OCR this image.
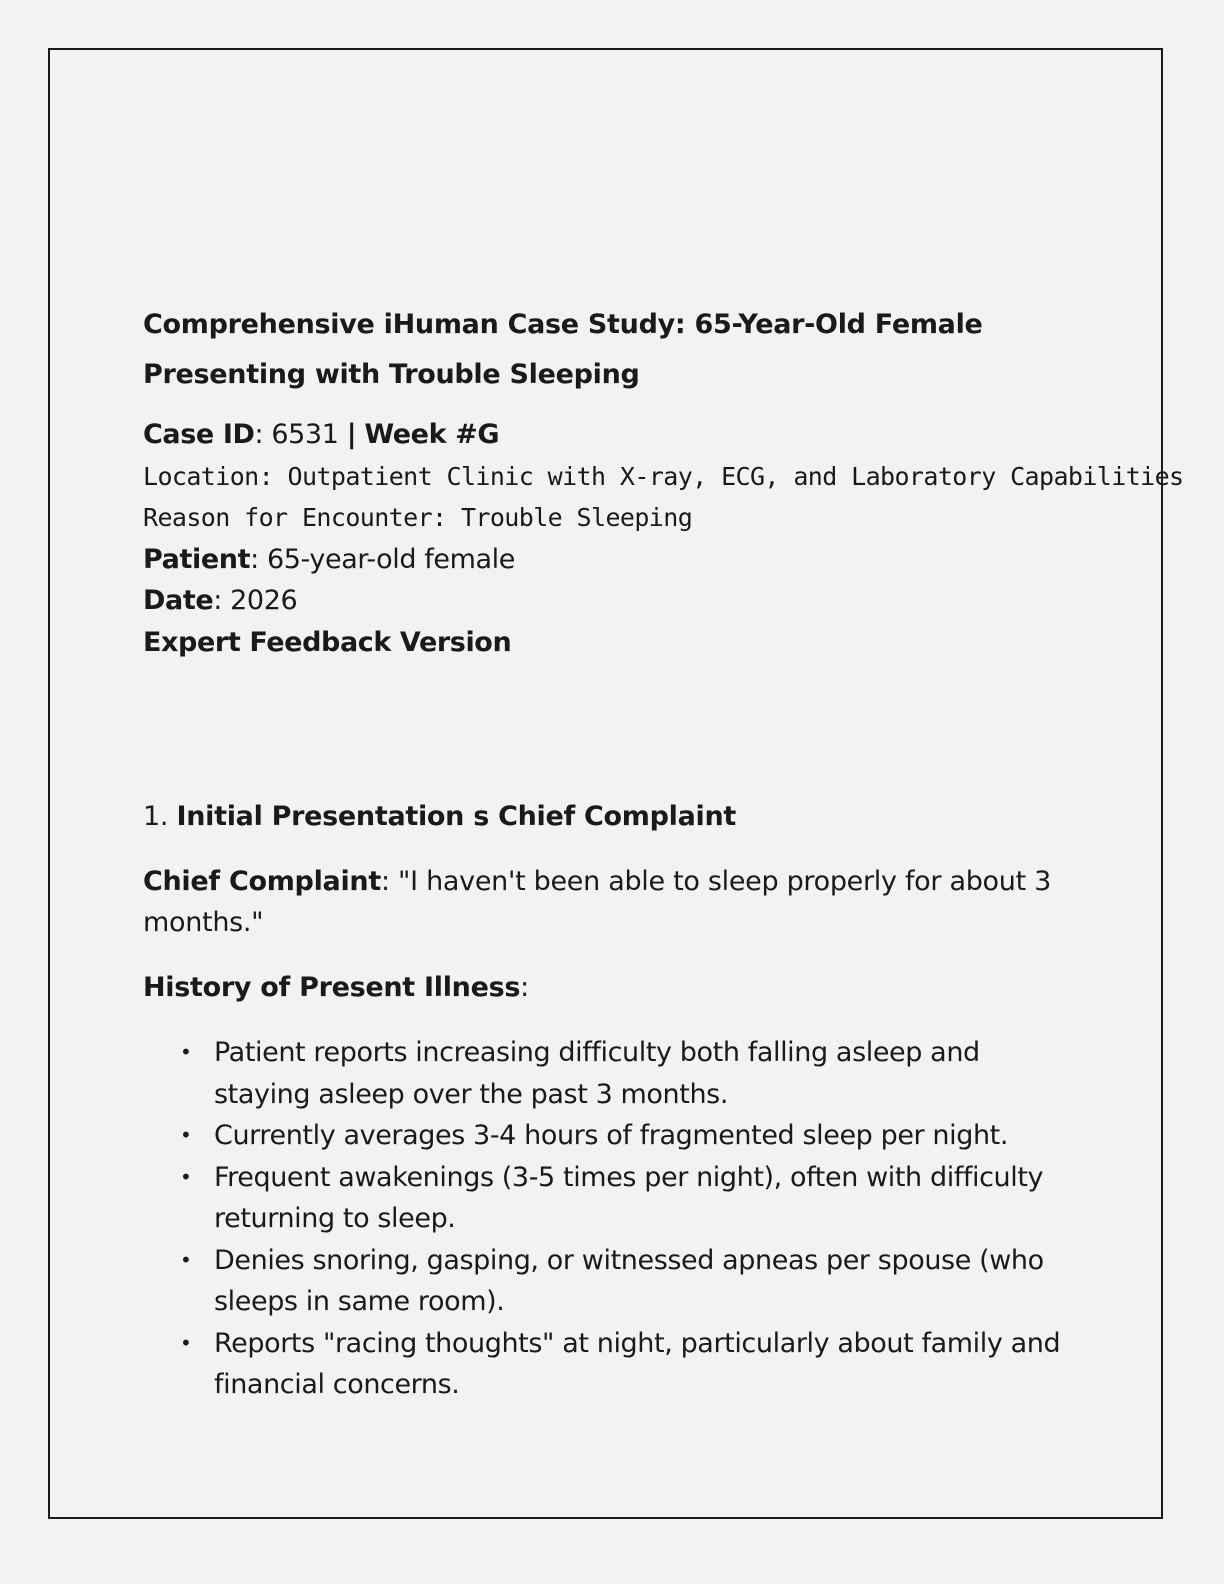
Comprehensive iHuman Case Study: 65-Year-Old Female Presenting with Trouble Sleeping
Case ID: 6531 | Week #G
Location: Outpatient Clinic with X-ray, ECG, and Laboratory Capabilities
Reason for Encounter: Trouble Sleeping
Patient: 65-year-old female
Date: 2026
Expert Feedback Version
1. Initial Presentation s Chief Complaint
Chief Complaint: "I haven't been able to sleep properly for about 3 months."
History of Present Illness:
• Patient reports increasing difficulty both falling asleep and staying asleep over the past 3 months.
• Currently averages 3-4 hours of fragmented sleep per night.
• Frequent awakenings (3-5 times per night), often with difficulty returning to sleep.
• Denies snoring, gasping, or witnessed apneas per spouse (who sleeps in same room).
• Reports "racing thoughts" at night, particularly about family and financial concerns.
